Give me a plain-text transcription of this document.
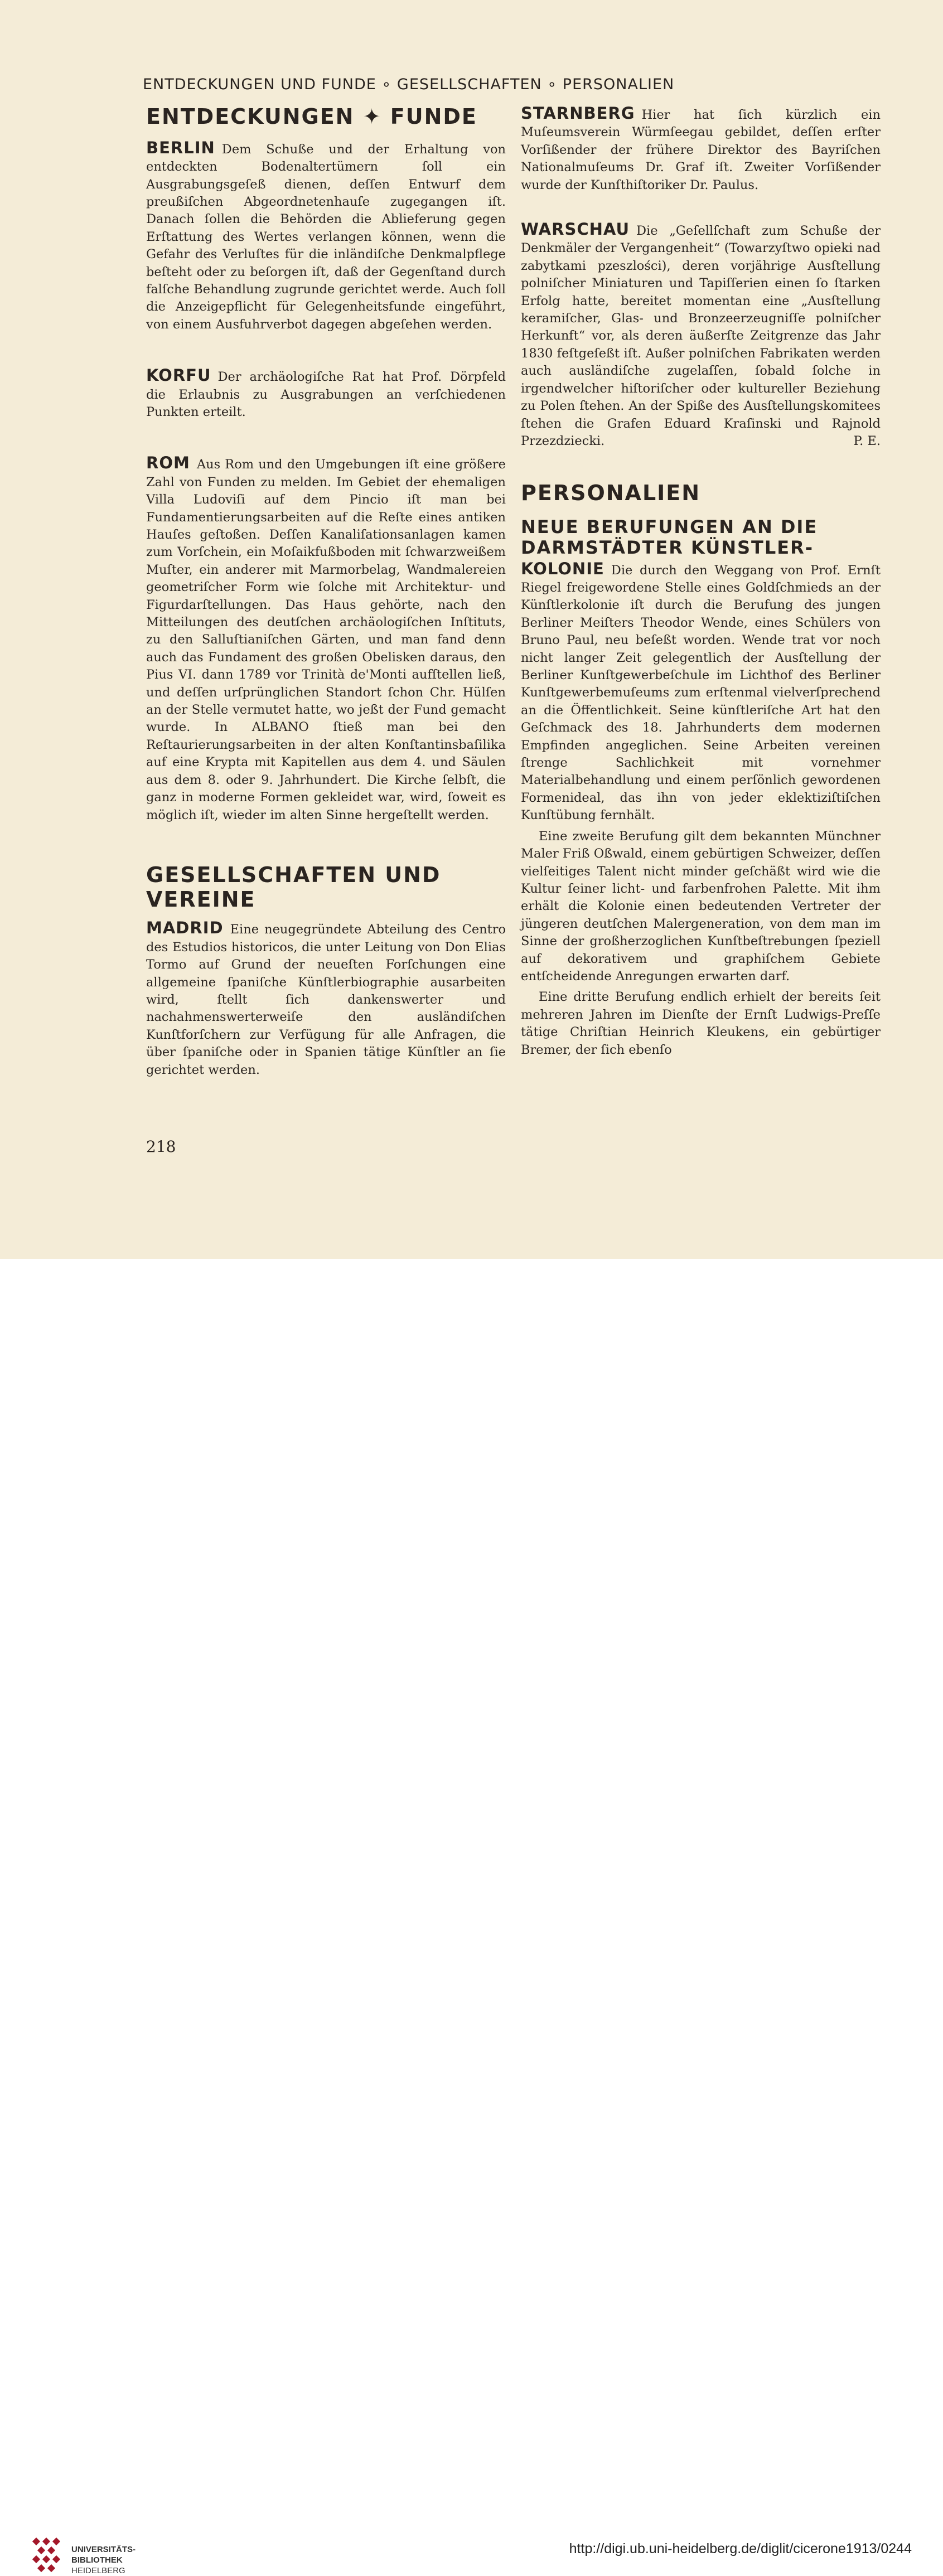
ENTDECKUNGEN UND FUNDE ∘ GESELLSCHAFTEN ∘ PERSONALIEN
ENTDECKUNGEN ✦ FUNDE

BERLIN Dem Schuße und der Erhaltung von entdeckten Bodenaltertümern ſoll ein Ausgrabungsgeſeß dienen, deſſen Entwurf dem preußiſchen Abgeordnetenhauſe zugegangen iſt. Danach ſollen die Behörden die Ablieferung gegen Erſtattung des Wertes verlangen können, wenn die Gefahr des Verluſtes für die inländiſche Denkmalpflege beſteht oder zu beſorgen iſt, daß der Gegenſtand durch falſche Behandlung zugrunde gerichtet werde. Auch ſoll die Anzeigepflicht für Gelegenheitsfunde eingeführt, von einem Ausfuhrverbot dagegen abgeſehen werden.

KORFU Der archäologiſche Rat hat Prof. Dörpfeld die Erlaubnis zu Ausgrabungen an verſchiedenen Punkten erteilt.

ROM Aus Rom und den Umgebungen iſt eine größere Zahl von Funden zu melden. Im Gebiet der ehemaligen Villa Ludoviſi auf dem Pincio iſt man bei Fundamentierungsarbeiten auf die Reſte eines antiken Hauſes geſtoßen. Deſſen Kanaliſationsanlagen kamen zum Vorſchein, ein Moſaikfußboden mit ſchwarzweißem Muſter, ein anderer mit Marmorbelag, Wandmalereien geometriſcher Form wie ſolche mit Architektur- und Figurdarſtellungen. Das Haus gehörte, nach den Mitteilungen des deutſchen archäologiſchen Inſtituts, zu den Salluſtianiſchen Gärten, und man fand denn auch das Fundament des großen Obelisken daraus, den Pius VI. dann 1789 vor Trinità de'Monti aufſtellen ließ, und deſſen urſprünglichen Standort ſchon Chr. Hülſen an der Stelle vermutet hatte, wo jeßt der Fund gemacht wurde. In ALBANO ſtieß man bei den Reſtaurierungsarbeiten in der alten Konſtantinsbaſilika auf eine Krypta mit Kapitellen aus dem 4. und Säulen aus dem 8. oder 9. Jahrhundert. Die Kirche ſelbſt, die ganz in moderne Formen gekleidet war, wird, ſoweit es möglich iſt, wieder im alten Sinne hergeſtellt werden.

GESELLSCHAFTEN UND
VEREINE

MADRID Eine neugegründete Abteilung des Centro des Estudios historicos, die unter Leitung von Don Elias Tormo auf Grund der neueſten Forſchungen eine allgemeine ſpaniſche Künſtlerbiographie ausarbeiten wird, ſtellt ſich dankenswerter und nachahmenswerterweiſe den ausländiſchen Kunſtforſchern zur Verfügung für alle Anfragen, die über ſpaniſche oder in Spanien tätige Künſtler an ſie gerichtet werden.

STARNBERG Hier hat ſich kürzlich ein Muſeumsverein Würmſeegau gebildet, deſſen erſter Vorſißender der frühere Direktor des Bayriſchen Nationalmuſeums Dr. Graf iſt. Zweiter Vorſißender wurde der Kunſthiſtoriker Dr. Paulus.

WARSCHAU Die „Geſellſchaft zum Schuße der Denkmäler der Vergangenheit“ (Towarzyſtwo opieki nad zabytkami pzeszlości), deren vorjährige Ausſtellung polniſcher Miniaturen und Tapiſſerien einen ſo ſtarken Erfolg hatte, bereitet momentan eine „Ausſtellung keramiſcher, Glas- und Bronzeerzeugniſſe polniſcher Herkunft“ vor, als deren äußerſte Zeitgrenze das Jahr 1830 feſtgeſeßt iſt. Außer polniſchen Fabrikaten werden auch ausländiſche zugelaſſen, ſobald ſolche in irgendwelcher hiſtoriſcher oder kultureller Beziehung zu Polen ſtehen. An der Spiße des Ausſtellungskomitees ſtehen die Grafen Eduard Kraſinski und Rajnold Przezdziecki.	P. E.

PERSONALIEN
NEUE BERUFUNGEN AN DIE
DARMSTÄDTER KÜNSTLER-

KOLONIE Die durch den Weggang von Prof. Ernſt Riegel freigewordene Stelle eines Goldſchmieds an der Künſtlerkolonie iſt durch die Berufung des jungen Berliner Meiſters Theodor Wende, eines Schülers von Bruno Paul, neu beſeßt worden. Wende trat vor noch nicht langer Zeit gelegentlich der Ausſtellung der Berliner Kunſtgewerbeſchule im Lichthof des Berliner Kunſtgewerbemuſeums zum erſtenmal vielverſprechend an die Öffentlichkeit. Seine künſtleriſche Art hat den Geſchmack des 18. Jahrhunderts dem modernen Empfinden angeglichen. Seine Arbeiten vereinen ſtrenge Sachlichkeit mit vornehmer Materialbehandlung und einem perſönlich gewordenen Formenideal, das ihn von jeder eklektiziſtiſchen Kunſtübung fernhält.

Eine zweite Berufung gilt dem bekannten Münchner Maler Friß Oßwald, einem gebürtigen Schweizer, deſſen vielſeitiges Talent nicht minder geſchäßt wird wie die Kultur ſeiner licht- und farbenfrohen Palette. Mit ihm erhält die Kolonie einen bedeutenden Vertreter der jüngeren deutſchen Malergeneration, von dem man im Sinne der großherzoglichen Kunſtbeſtrebungen ſpeziell auf dekorativem und graphiſchem Gebiete entſcheidende Anregungen erwarten darf.

Eine dritte Berufung endlich erhielt der bereits ſeit mehreren Jahren im Dienſte der Ernſt Ludwigs-Preſſe tätige Chriſtian Heinrich Kleukens, ein gebürtiger Bremer, der ſich ebenſo

218
UNIVERSITÄTS-
BIBLIOTHEK
HEIDELBERG
http://digi.ub.uni-heidelberg.de/diglit/cicerone1913/0244
